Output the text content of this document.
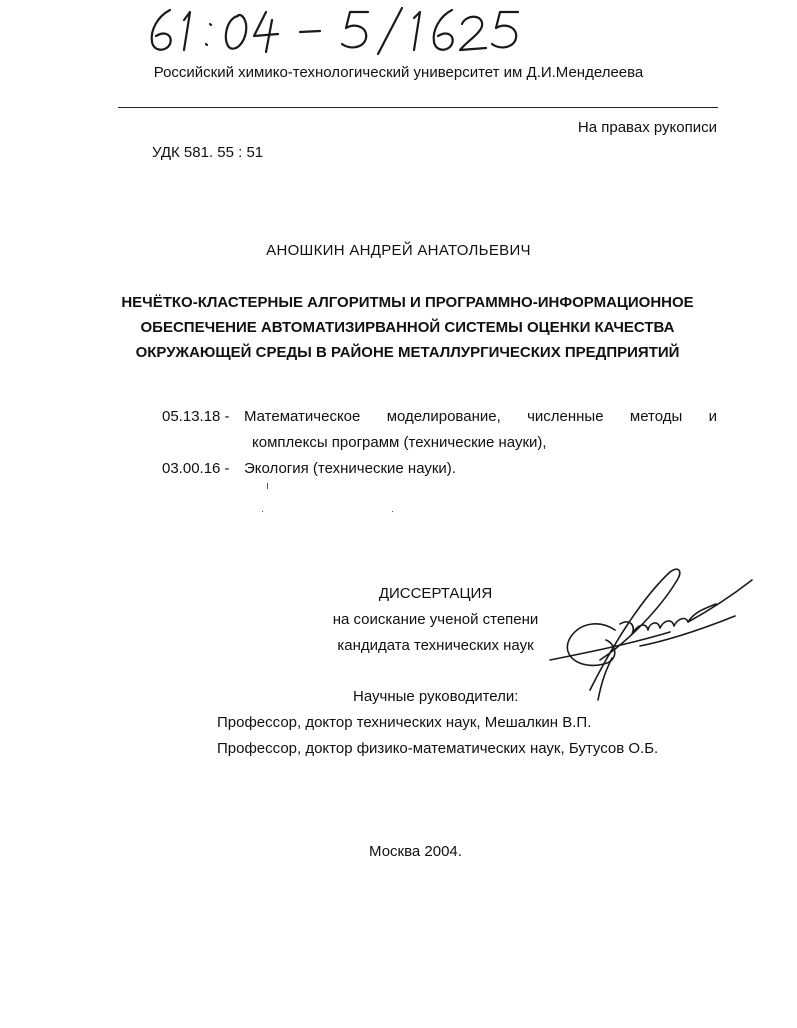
Российский химико-технологический университет им Д.И.Менделеева
На правах рукописи
УДК 581. 55 : 51
АНОШКИН АНДРЕЙ АНАТОЛЬЕВИЧ
НЕЧЁТКО-КЛАСТЕРНЫЕ АЛГОРИТМЫ И ПРОГРАММНО-ИНФОРМАЦИОННОЕ
ОБЕСПЕЧЕНИЕ АВТОМАТИЗИРВАННОЙ СИСТЕМЫ ОЦЕНКИ КАЧЕСТВА
ОКРУЖАЮЩЕЙ СРЕДЫ В РАЙОНЕ МЕТАЛЛУРГИЧЕСКИХ ПРЕДПРИЯТИЙ
05.13.18 - Математическое моделирование, численные методы и
комплексы программ (технические науки),
03.00.16 - Экология (технические науки).
ДИССЕРТАЦИЯ
на соискание ученой степени
кандидата технических наук
Научные руководители:
Профессор, доктор технических наук, Мешалкин В.П.
Профессор, доктор физико-математических наук, Бутусов О.Б.
Москва 2004.
